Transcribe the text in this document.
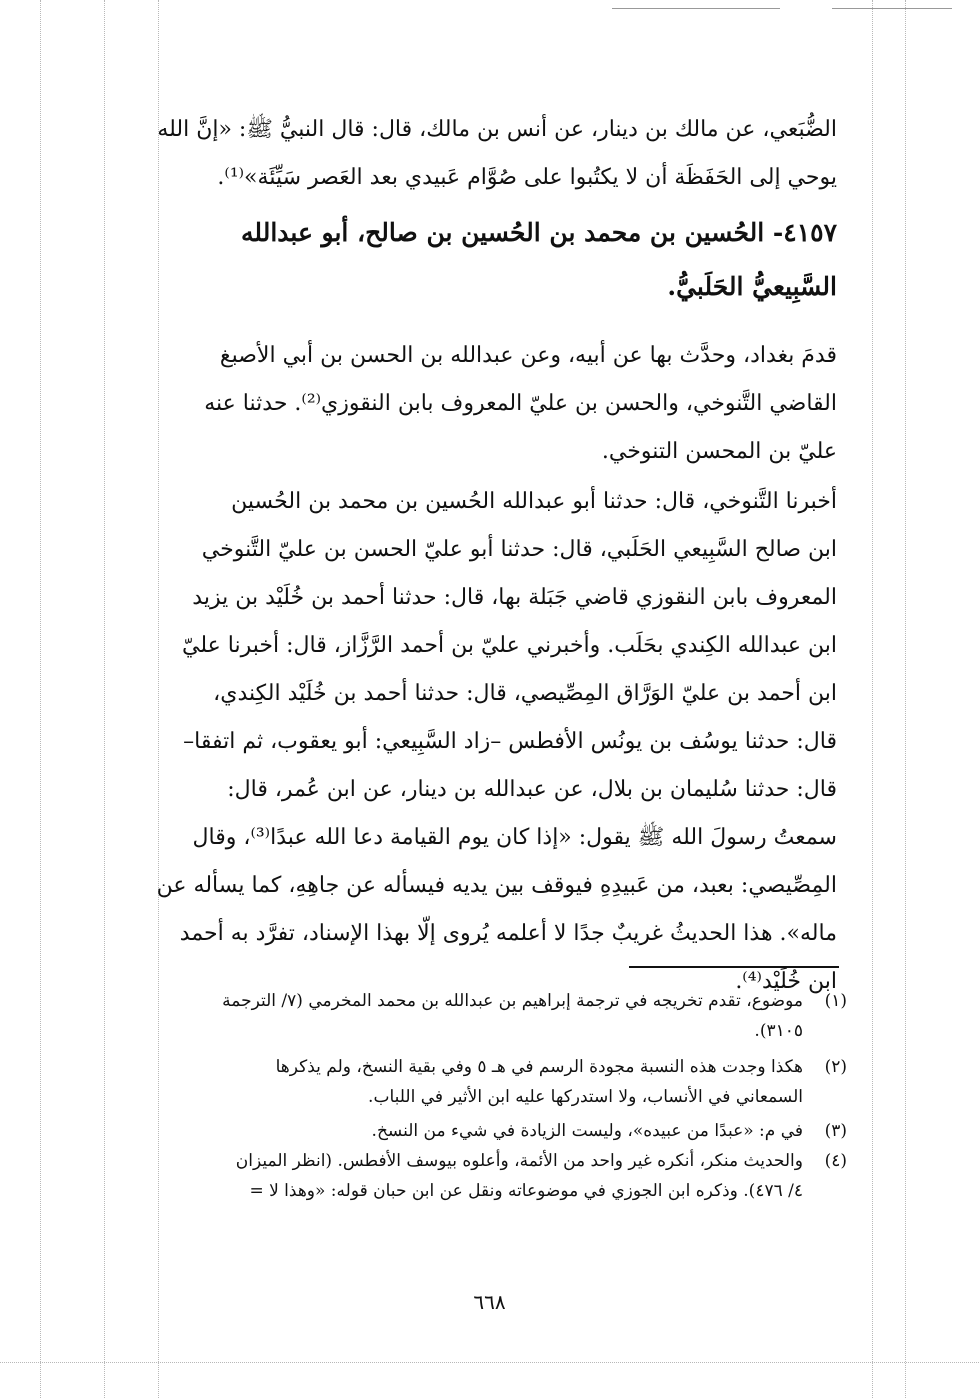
الضُّبَعي، عن مالك بن دينار، عن أنس بن مالك، قال: قال النبيُّ ﷺ: «إنَّ الله
يوحي إلى الحَفَظَة أن لا يكتُبوا على صُوَّام عَبيدي بعد العَصر سَيِّئَة»⁽¹⁾.
٤١٥٧- الحُسين بن محمد بن الحُسين بن صالح، أبو عبدالله
السَّبِيعيُّ الحَلَبيُّ.
قدمَ بغداد، وحدَّث بها عن أبيه، وعن عبدالله بن الحسن بن أبي الأصبغ
القاضي التَّنوخي، والحسن بن عليّ المعروف بابن النقوزي⁽²⁾. حدثنا عنه
عليّ بن المحسن التنوخي.
أخبرنا التَّنوخي، قال: حدثنا أبو عبدالله الحُسين بن محمد بن الحُسين
ابن صالح السَّبِيعي الحَلَبي، قال: حدثنا أبو عليّ الحسن بن عليّ التَّنوخي
المعروف بابن النقوزي قاضي جَبَلة بها، قال: حدثنا أحمد بن خُلَيْد بن يزيد
ابن عبدالله الكِندي بحَلَب. وأخبرني عليّ بن أحمد الرَّزَّاز، قال: أخبرنا عليّ
ابن أحمد بن عليّ الوَرَّاق المِصِّيصي، قال: حدثنا أحمد بن خُلَيْد الكِندي،
قال: حدثنا يوسُف بن يونُس الأفطس –زاد السَّبِيعي: أبو يعقوب، ثم اتفقا–
قال: حدثنا سُليمان بن بلال، عن عبدالله بن دينار، عن ابن عُمر، قال:
سمعتُ رسولَ الله ﷺ يقول: «إذا كان يوم القيامة دعا الله عبدًا⁽³⁾، وقال
المِصِّيصي: بعبد، من عَبيدِهِ فيوقف بين يديه فيسأله عن جاهِهِ، كما يسأله عن
ماله». هذا الحديثُ غريبٌ جدًا لا أعلمه يُروى إلّا بهذا الإسناد، تفرَّد به أحمد
ابن خُلَيْد⁽⁴⁾.
(١)
موضوع، تقدم تخريجه في ترجمة إبراهيم بن عبدالله بن محمد المخرمي (٧/ الترجمة
٣١٠٥).
(٢)
هكذا وجدت هذه النسبة مجودة الرسم في هـ ٥ وفي بقية النسخ، ولم يذكرها
السمعاني في الأنساب، ولا استدركها عليه ابن الأثير في اللباب.
(٣)
في م: «عبدًا من عبيده»، وليست الزيادة في شيء من النسخ.
(٤)
والحديث منكر، أنكره غير واحد من الأئمة، وأعلوه بيوسف الأفطس. (انظر الميزان
٤/ ٤٧٦). وذكره ابن الجوزي في موضوعاته ونقل عن ابن حبان قوله: «وهذا لا =
٦٦٨
